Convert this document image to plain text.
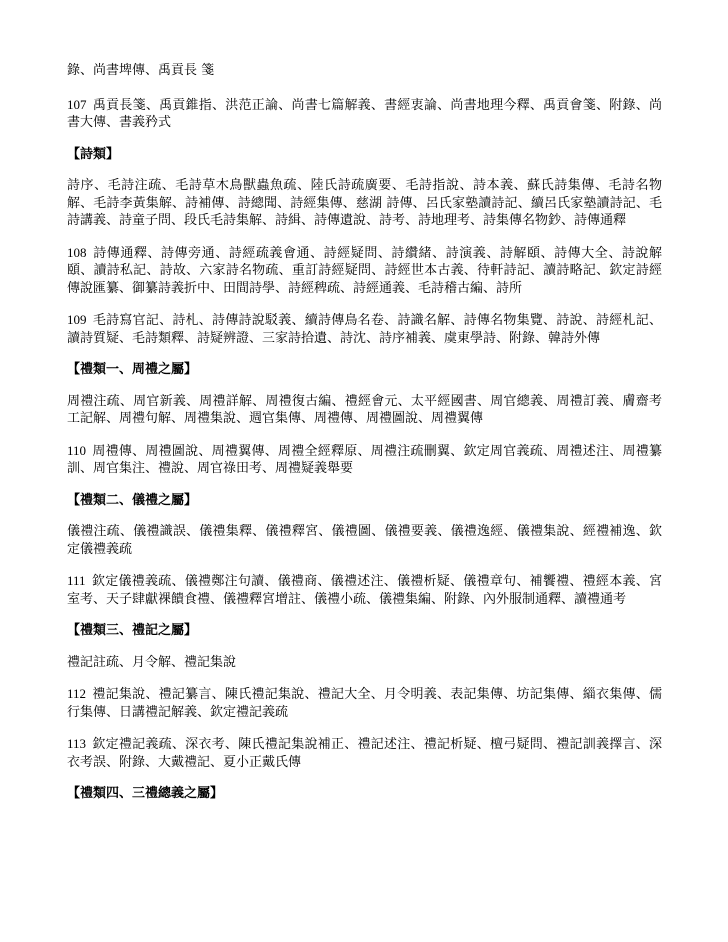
錄、尚書埤傳、禹貢長 箋

107 禹貢長箋、禹貢錐指、洪范正論、尚書七篇解義、書經衷論、尚書地理今釋、禹貢會箋、附錄、尚書大傳、書義矜式

【詩類】

詩序、毛詩注疏、毛詩草木鳥獸蟲魚疏、陸氏詩疏廣要、毛詩指說、詩本義、蘇氏詩集傳、毛詩名物解、毛詩李黃集解、詩補傳、詩總聞、詩經集傳、慈湖 詩傳、呂氏家塾讀詩記、續呂氏家塾讀詩記、毛詩講義、詩童子問、段氏毛詩集解、詩緝、詩傳遺說、詩考、詩地理考、詩集傳名物鈔、詩傳通釋

108 詩傳通釋、詩傳旁通、詩經疏義會通、詩經疑問、詩纘緒、詩演義、詩解頤、詩傳大全、詩說解頤、讀詩私記、詩故、六家詩名物疏、重訂詩經疑問、詩經世本古義、待軒詩記、讀詩略記、欽定詩經傳說匯纂、御纂詩義折中、田間詩學、詩經稗疏、詩經通義、毛詩稽古編、詩所

109 毛詩寫官記、詩札、詩傳詩說駁義、續詩傳鳥名卷、詩識名解、詩傳名物集覽、詩說、詩經札記、讀詩質疑、毛詩類釋、詩疑辨證、三家詩拾遺、詩沈、詩序補義、虞東學詩、附錄、韓詩外傳

【禮類一、周禮之屬】

周禮注疏、周官新義、周禮詳解、周禮復古編、禮經會元、太平經國書、周官總義、周禮訂義、膚齋考工記解、周禮句解、周禮集說、週官集傳、周禮傳、周禮圖說、周禮翼傳

110 周禮傳、周禮圖說、周禮翼傳、周禮全經釋原、周禮注疏刪翼、欽定周官義疏、周禮述注、周禮纂訓、周官集注、禮說、周官祿田考、周禮疑義舉要

【禮類二、儀禮之屬】

儀禮注疏、儀禮識誤、儀禮集釋、儀禮釋宮、儀禮圖、儀禮要義、儀禮逸經、儀禮集說、經禮補逸、欽定儀禮義疏

111 欽定儀禮義疏、儀禮鄭注句讀、儀禮商、儀禮述注、儀禮析疑、儀禮章句、補饗禮、禮經本義、宮室考、天子肆獻祼饋食禮、儀禮釋宮增註、儀禮小疏、儀禮集編、附錄、內外服制通釋、讀禮通考

【禮類三、禮記之屬】

禮記註疏、月令解、禮記集說

112 禮記集說、禮記纂言、陳氏禮記集說、禮記大全、月令明義、表記集傳、坊記集傳、緇衣集傳、儒行集傳、日講禮記解義、欽定禮記義疏

113 欽定禮記義疏、深衣考、陳氏禮記集說補正、禮記述注、禮記析疑、檀弓疑問、禮記訓義擇言、深衣考誤、附錄、大戴禮記、夏小正戴氏傳

【禮類四、三禮總義之屬】
